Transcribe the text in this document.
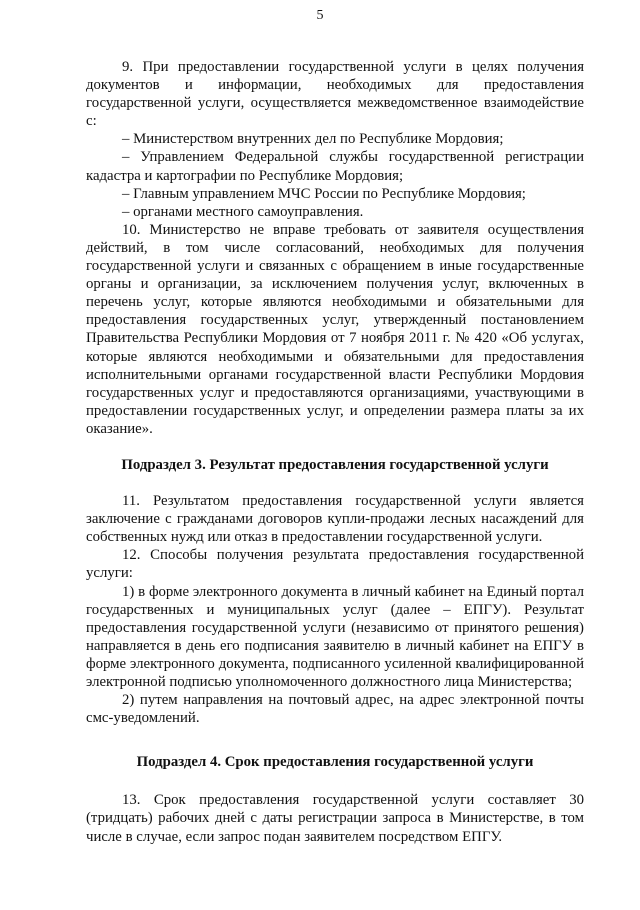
5

9. При предоставлении государственной услуги в целях получения документов и информации, необходимых для предоставления государственной услуги, осуществляется межведомственное взаимодействие с:

– Министерством внутренних дел по Республике Мордовия;

– Управлением Федеральной службы государственной регистрации кадастра и картографии по Республике Мордовия;

– Главным управлением МЧС России по Республике Мордовия;

– органами местного самоуправления.

10. Министерство не вправе требовать от заявителя осуществления действий, в том числе согласований, необходимых для получения государственной услуги и связанных с обращением в иные государственные органы и организации, за исключением получения услуг, включенных в перечень услуг, которые являются необходимыми и обязательными для предоставления государственных услуг, утвержденный постановлением Правительства Республики Мордовия от 7 ноября 2011 г. № 420 «Об услугах, которые являются необходимыми и обязательными для предоставления исполнительными органами государственной власти Республики Мордовия государственных услуг и предоставляются организациями, участвующими в предоставлении государственных услуг, и определении размера платы за их оказание».

Подраздел 3. Результат предоставления государственной услуги

11. Результатом предоставления государственной услуги является заключение с гражданами договоров купли-продажи лесных насаждений для собственных нужд или отказ в предоставлении государственной услуги.

12. Способы получения результата предоставления государственной услуги:

1) в форме электронного документа в личный кабинет на Единый портал государственных и муниципальных услуг (далее – ЕПГУ). Результат предоставления государственной услуги (независимо от принятого решения) направляется в день его подписания заявителю в личный кабинет на ЕПГУ в форме электронного документа, подписанного усиленной квалифицированной электронной подписью уполномоченного должностного лица Министерства;

2) путем направления на почтовый адрес, на адрес электронной почты смс-уведомлений.

Подраздел 4. Срок предоставления государственной услуги

13. Срок предоставления государственной услуги составляет 30 (тридцать) рабочих дней с даты регистрации запроса в Министерстве, в том числе в случае, если запрос подан заявителем посредством ЕПГУ.
